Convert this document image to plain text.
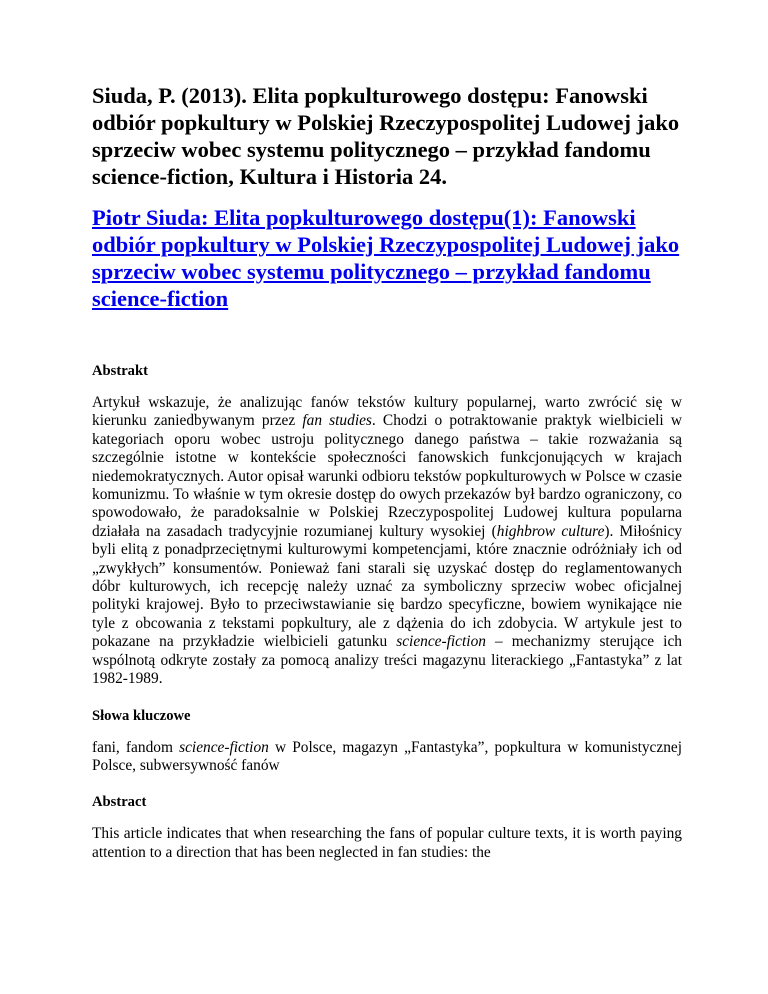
Siuda, P. (2013). Elita popkulturowego dostępu: Fanowski odbiór popkultury w Polskiej Rzeczypospolitej Ludowej jako sprzeciw wobec systemu politycznego – przykład fandomu science-fiction, Kultura i Historia 24.
Piotr Siuda: Elita popkulturowego dostępu(1): Fanowski odbiór popkultury w Polskiej Rzeczypospolitej Ludowej jako sprzeciw wobec systemu politycznego – przykład fandomu science-fiction
Abstrakt

Artykuł wskazuje, że analizując fanów tekstów kultury popularnej, warto zwrócić się w kierunku zaniedbywanym przez fan studies. Chodzi o potraktowanie praktyk wielbicieli w kategoriach oporu wobec ustroju politycznego danego państwa – takie rozważania są szczególnie istotne w kontekście społeczności fanowskich funkcjonujących w krajach niedemokratycznych. Autor opisał warunki odbioru tekstów popkulturowych w Polsce w czasie komunizmu. To właśnie w tym okresie dostęp do owych przekazów był bardzo ograniczony, co spowodowało, że paradoksalnie w Polskiej Rzeczypospolitej Ludowej kultura popularna działała na zasadach tradycyjnie rozumianej kultury wysokiej (highbrow culture). Miłośnicy byli elitą z ponadprzeciętnymi kulturowymi kompetencjami, które znacznie odróżniały ich od „zwykłych” konsumentów. Ponieważ fani starali się uzyskać dostęp do reglamentowanych dóbr kulturowych, ich recepcję należy uznać za symboliczny sprzeciw wobec oficjalnej polityki krajowej. Było to przeciwstawianie się bardzo specyficzne, bowiem wynikające nie tyle z obcowania z tekstami popkultury, ale z dążenia do ich zdobycia. W artykule jest to pokazane na przykładzie wielbicieli gatunku science-fiction – mechanizmy sterujące ich wspólnotą odkryte zostały za pomocą analizy treści magazynu literackiego „Fantastyka” z lat 1982-1989.

Słowa kluczowe

fani, fandom science-fiction w Polsce, magazyn „Fantastyka”, popkultura w komunistycznej Polsce, subwersywność fanów

Abstract

This article indicates that when researching the fans of popular culture texts, it is worth paying attention to a direction that has been neglected in fan studies: the
